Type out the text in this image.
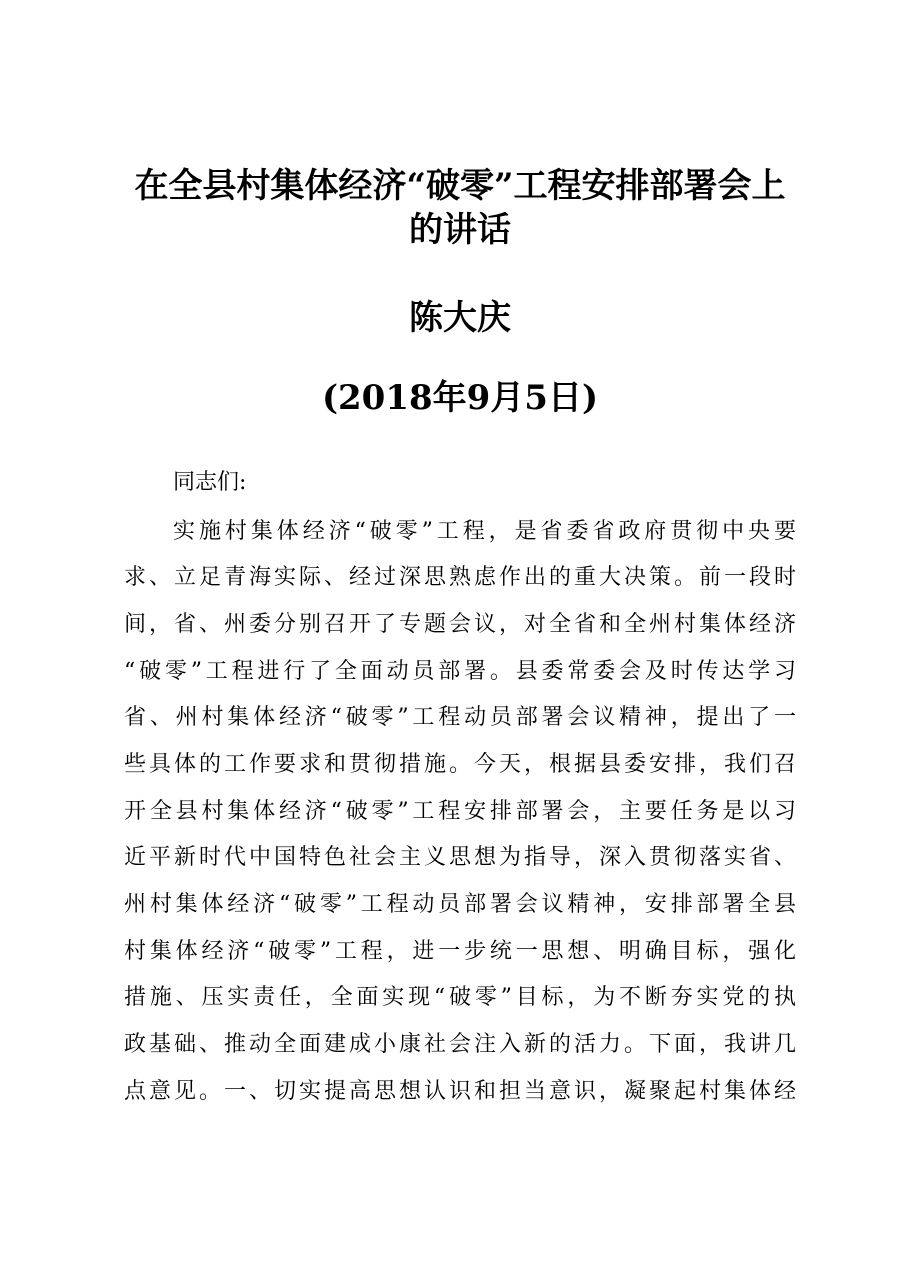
在全县村集体经济“破零”工程安排部署会上
的讲话
陈大庆
(2018年9月5日)
同志们:
实施村集体经济“破零”工程，是省委省政府贯彻中央要
求、立足青海实际、经过深思熟虑作出的重大决策。前一段时
间，省、州委分别召开了专题会议，对全省和全州村集体经济
“破零”工程进行了全面动员部署。县委常委会及时传达学习
省、州村集体经济“破零”工程动员部署会议精神，提出了一
些具体的工作要求和贯彻措施。今天，根据县委安排，我们召
开全县村集体经济“破零”工程安排部署会，主要任务是以习
近平新时代中国特色社会主义思想为指导，深入贯彻落实省、
州村集体经济“破零”工程动员部署会议精神，安排部署全县
村集体经济“破零”工程，进一步统一思想、明确目标，强化
措施、压实责任，全面实现“破零”目标，为不断夯实党的执
政基础、推动全面建成小康社会注入新的活力。下面，我讲几
点意见。一、切实提高思想认识和担当意识，凝聚起村集体经
